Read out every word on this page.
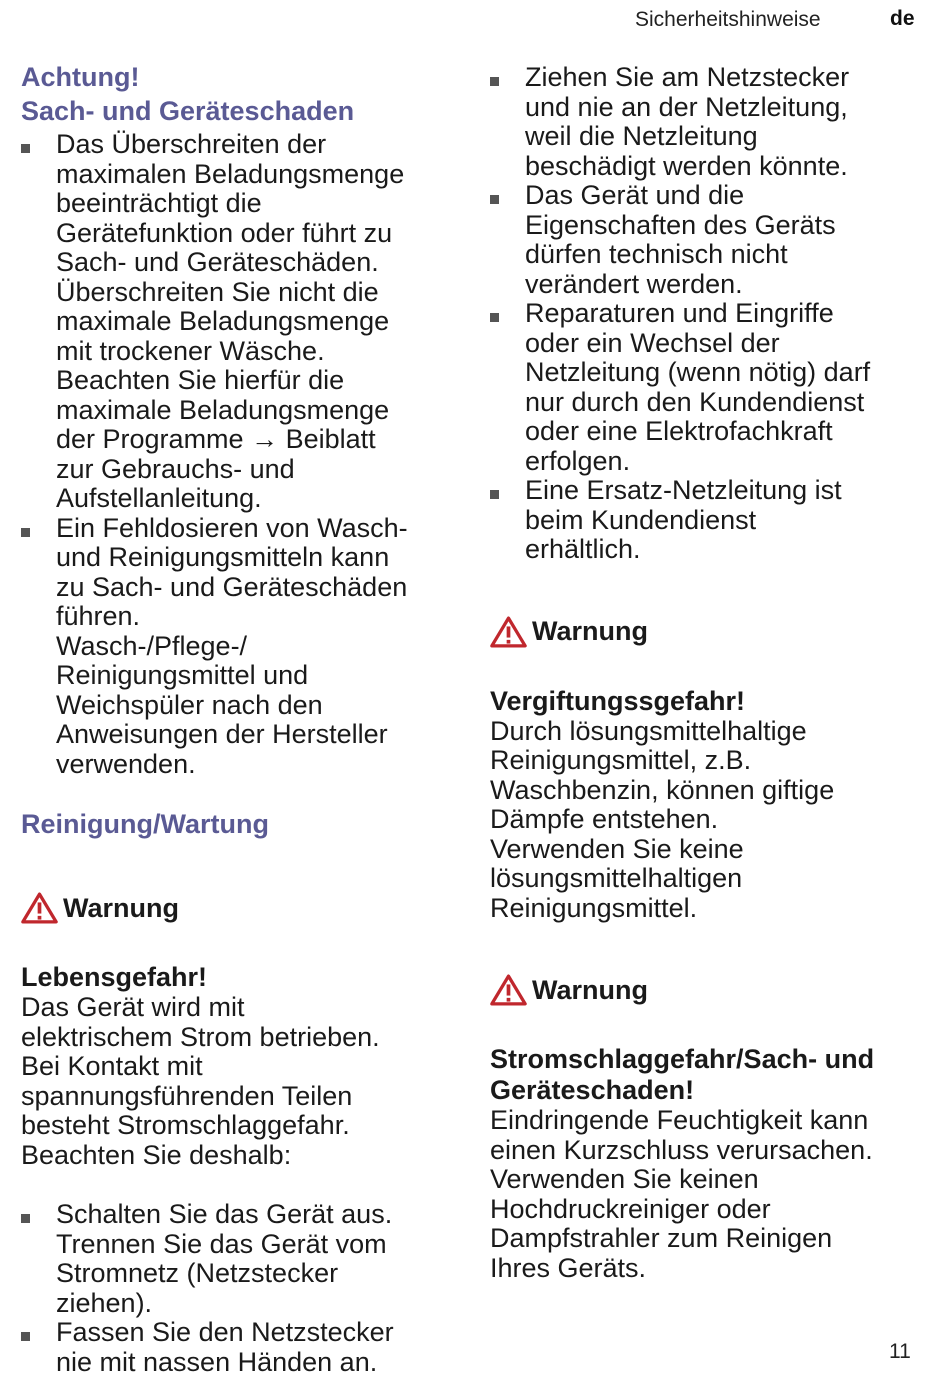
Sicherheitshinweise	de
Achtung!
Sach- und Geräteschaden
Das Überschreiten der
maximalen Beladungsmenge
beeinträchtigt die
Gerätefunktion oder führt zu
Sach- und Geräteschäden.
Überschreiten Sie nicht die
maximale Beladungsmenge
mit trockener Wäsche.
Beachten Sie hierfür die
maximale Beladungsmenge
der Programme → Beiblatt
zur Gebrauchs- und
Aufstellanleitung.
Ein Fehldosieren von Wasch-
und Reinigungsmitteln kann
zu Sach- und Geräteschäden
führen.
Wasch-/Pflege-/
Reinigungsmittel und
Weichspüler nach den
Anweisungen der Hersteller
verwenden.
Reinigung/Wartung

Warnung

Lebensgefahr!

Das Gerät wird mit
elektrischem Strom betrieben.
Bei Kontakt mit
spannungsführenden Teilen
besteht Stromschlaggefahr.
Beachten Sie deshalb:
Schalten Sie das Gerät aus.
Trennen Sie das Gerät vom
Stromnetz (Netzstecker
ziehen).
Fassen Sie den Netzstecker
nie mit nassen Händen an.
Ziehen Sie am Netzstecker
und nie an der Netzleitung,
weil die Netzleitung
beschädigt werden könnte.
Das Gerät und die
Eigenschaften des Geräts
dürfen technisch nicht
verändert werden.
Reparaturen und Eingriffe
oder ein Wechsel der
Netzleitung (wenn nötig) darf
nur durch den Kundendienst
oder eine Elektrofachkraft
erfolgen.
Eine Ersatz-Netzleitung ist
beim Kundendienst
erhältlich.

Warnung

Vergiftungssgefahr!

Durch lösungsmittelhaltige
Reinigungsmittel, z.B.
Waschbenzin, können giftige
Dämpfe entstehen.
Verwenden Sie keine
lösungsmittelhaltigen
Reinigungsmittel.

Warnung

Stromschlaggefahr/Sach- und
Geräteschaden!

Eindringende Feuchtigkeit kann
einen Kurzschluss verursachen.
Verwenden Sie keinen
Hochdruckreiniger oder
Dampfstrahler zum Reinigen
Ihres Geräts.
11
